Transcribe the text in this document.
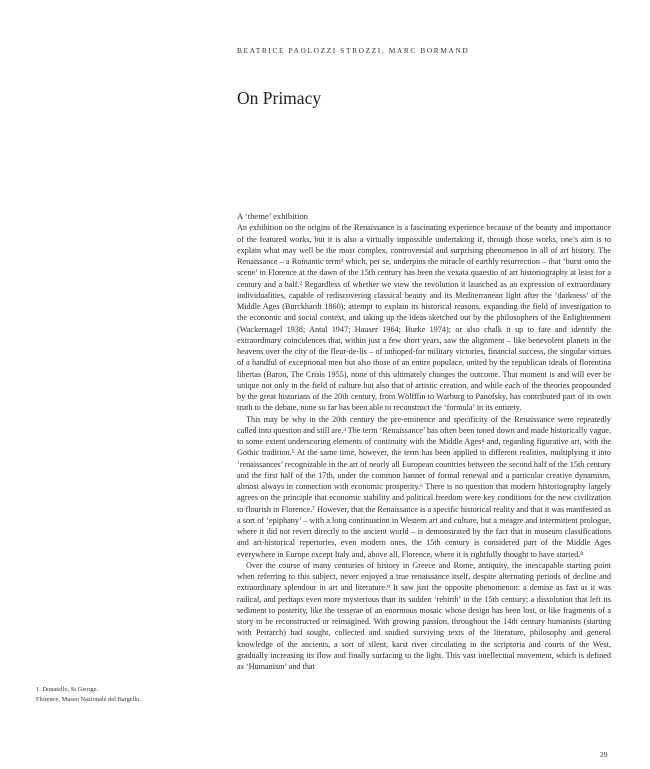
BEATRICE PAOLOZZI STROZZI, MARC BORMAND
On Primacy
A ‘theme’ exhibition

An exhibition on the origins of the Renaissance is a fascinating experience because of the beauty and importance of the featured works, but it is also a virtually impossible undertaking if, through those works, one’s aim is to explain what may well be the most complex, controversial and surprising phenomenon in all of art history. The Renaissance – a Romantic term¹ which, per se, underpins the miracle of earthly resurrection – that ‘burst onto the scene’ in Florence at the dawn of the 15th century has been the vexata quaestio of art historiography at least for a century and a half.² Regardless of whether we view the revolution it launched as an expression of extraordinary individualities, capable of rediscovering classical beauty and its Mediterranean light after the ‘darkness’ of the Middle Ages (Burckhardt 1860); attempt to explain its historical reasons, expanding the field of investigation to the economic and social context, and taking up the ideas sketched out by the philosophers of the Enlightenment (Wackernagel 1938; Antal 1947; Hauser 1964; Burke 1974); or also chalk it up to fate and identify the extraordinary coincidences that, within just a few short years, saw the alignment – like benevolent planets in the heavens over the city of the fleur-de-lis – of unhoped-for military victories, financial success, the singular virtues of a handful of exceptional men but also those of an entire populace, united by the republican ideals of florentina libertas (Baron, The Crisis 1955), none of this ultimately changes the outcome. That moment is and will ever be unique not only in the field of culture but also that of artistic creation, and while each of the theories propounded by the great historians of the 20th century, from Wölfflin to Warburg to Panofsky, has contributed part of its own truth to the debate, none so far has been able to reconstruct the ‘formula’ in its entirety.

This may be why in the 20th century the pre-eminence and specificity of the Renaissance were repeatedly called into question and still are.³ The term ‘Renaissance’ has often been toned down and made historically vague, to some extent underscoring elements of continuity with the Middle Ages⁴ and, regarding figurative art, with the Gothic tradition.⁵ At the same time, however, the term has been applied to different realities, multiplying it into ‘renaissances’ recognizable in the art of nearly all European countries between the second half of the 15th century and the first half of the 17th, under the common banner of formal renewal and a particular creative dynamism, almost always in connection with economic prosperity.⁶ There is no question that modern historiography largely agrees on the principle that economic stability and political freedom were key conditions for the new civilization to flourish in Florence.⁷ However, that the Renaissance is a specific historical reality and that it was manifested as a sort of ‘epiphany’ – with a long continuation in Western art and culture, but a meagre and intermittent prologue, where it did not revert directly to the ancient world – is demonstrated by the fact that in museum classifications and art-historical repertories, even modern ones, the 15th century is considered part of the Middle Ages everywhere in Europe except Italy and, above all, Florence, where it is rightfully thought to have started.⁸

Over the course of many centuries of history in Greece and Rome, antiquity, the inescapable starting point when referring to this subject, never enjoyed a true renaissance itself, despite alternating periods of decline and extraordinary splendour in art and literature.⁹ It saw just the opposite phenomenon: a demise as fast as it was radical, and perhaps even more mysterious than its sudden ‘rebirth’ in the 15th century; a dissolution that left its sediment to posterity, like the tesserae of an enormous mosaic whose design has been lost, or like fragments of a story to be reconstructed or reimagined. With growing passion, throughout the 14th century humanists (starting with Petrarch) had sought, collected and studied surviving texts of the literature, philosophy and general knowledge of the ancients, a sort of silent, karst river circulating in the scriptoria and courts of the West, gradually increasing its flow and finally surfacing to the light. This vast intellectual movement, which is defined as ‘Humanism’ and that

1. Donatello, St George.
Florence, Museo Nazionale del Bargello.
29
